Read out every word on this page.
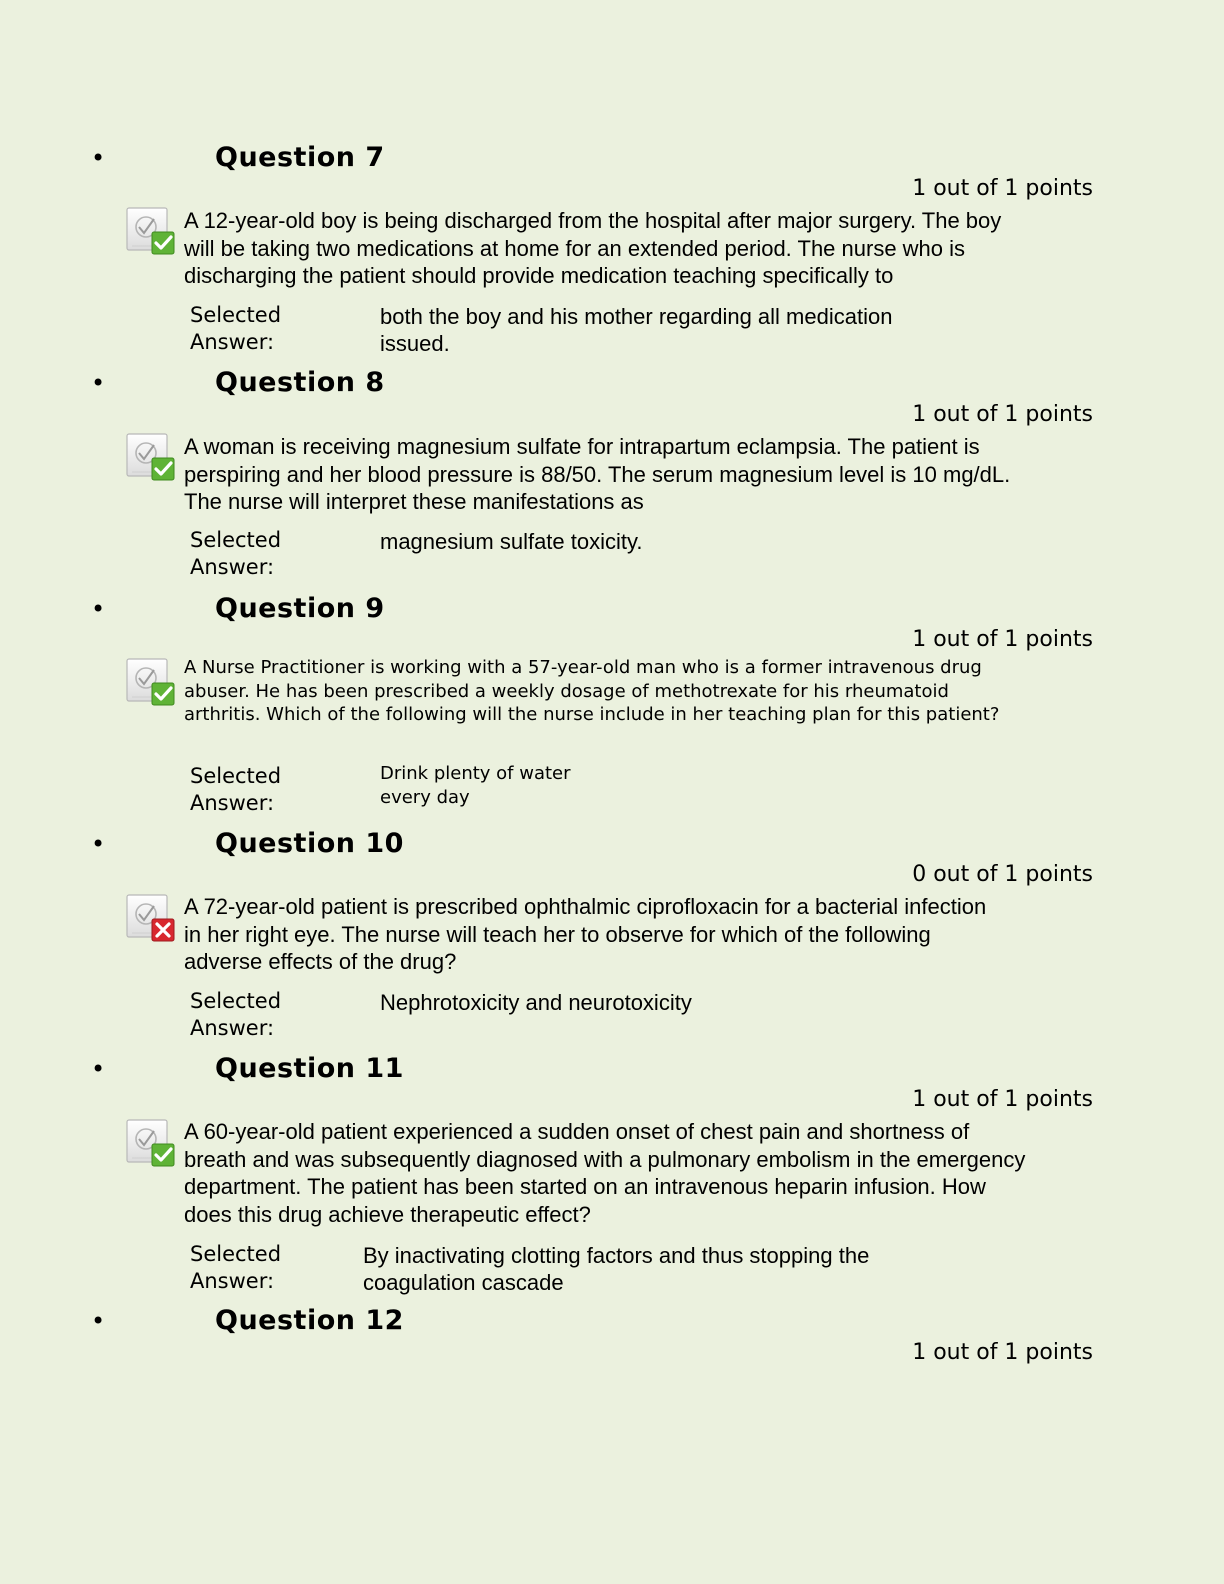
•	Question 7
1 out of 1 points
A 12-year-old boy is being discharged from the hospital after major surgery. The boy will be taking two medications at home for an extended period. The nurse who is discharging the patient should provide medication teaching specifically to
Selected Answer:
both the boy and his mother regarding all medication issued.
•	Question 8
1 out of 1 points
A woman is receiving magnesium sulfate for intrapartum eclampsia. The patient is perspiring and her blood pressure is 88/50. The serum magnesium level is 10 mg/dL. The nurse will interpret these manifestations as
Selected Answer:
magnesium sulfate toxicity.
•	Question 9
1 out of 1 points
A Nurse Practitioner is working with a 57-year-old man who is a former intravenous drug abuser. He has been prescribed a weekly dosage of methotrexate for his rheumatoid arthritis. Which of the following will the nurse include in her teaching plan for this patient?
Selected Answer:
Drink plenty of water every day
•	Question 10
0 out of 1 points
A 72-year-old patient is prescribed ophthalmic ciprofloxacin for a bacterial infection in her right eye. The nurse will teach her to observe for which of the following adverse effects of the drug?
Selected Answer:
Nephrotoxicity and neurotoxicity
•	Question 11
1 out of 1 points
A 60-year-old patient experienced a sudden onset of chest pain and shortness of breath and was subsequently diagnosed with a pulmonary embolism in the emergency department. The patient has been started on an intravenous heparin infusion. How does this drug achieve therapeutic effect?
Selected Answer:
By inactivating clotting factors and thus stopping the coagulation cascade
•	Question 12
1 out of 1 points
